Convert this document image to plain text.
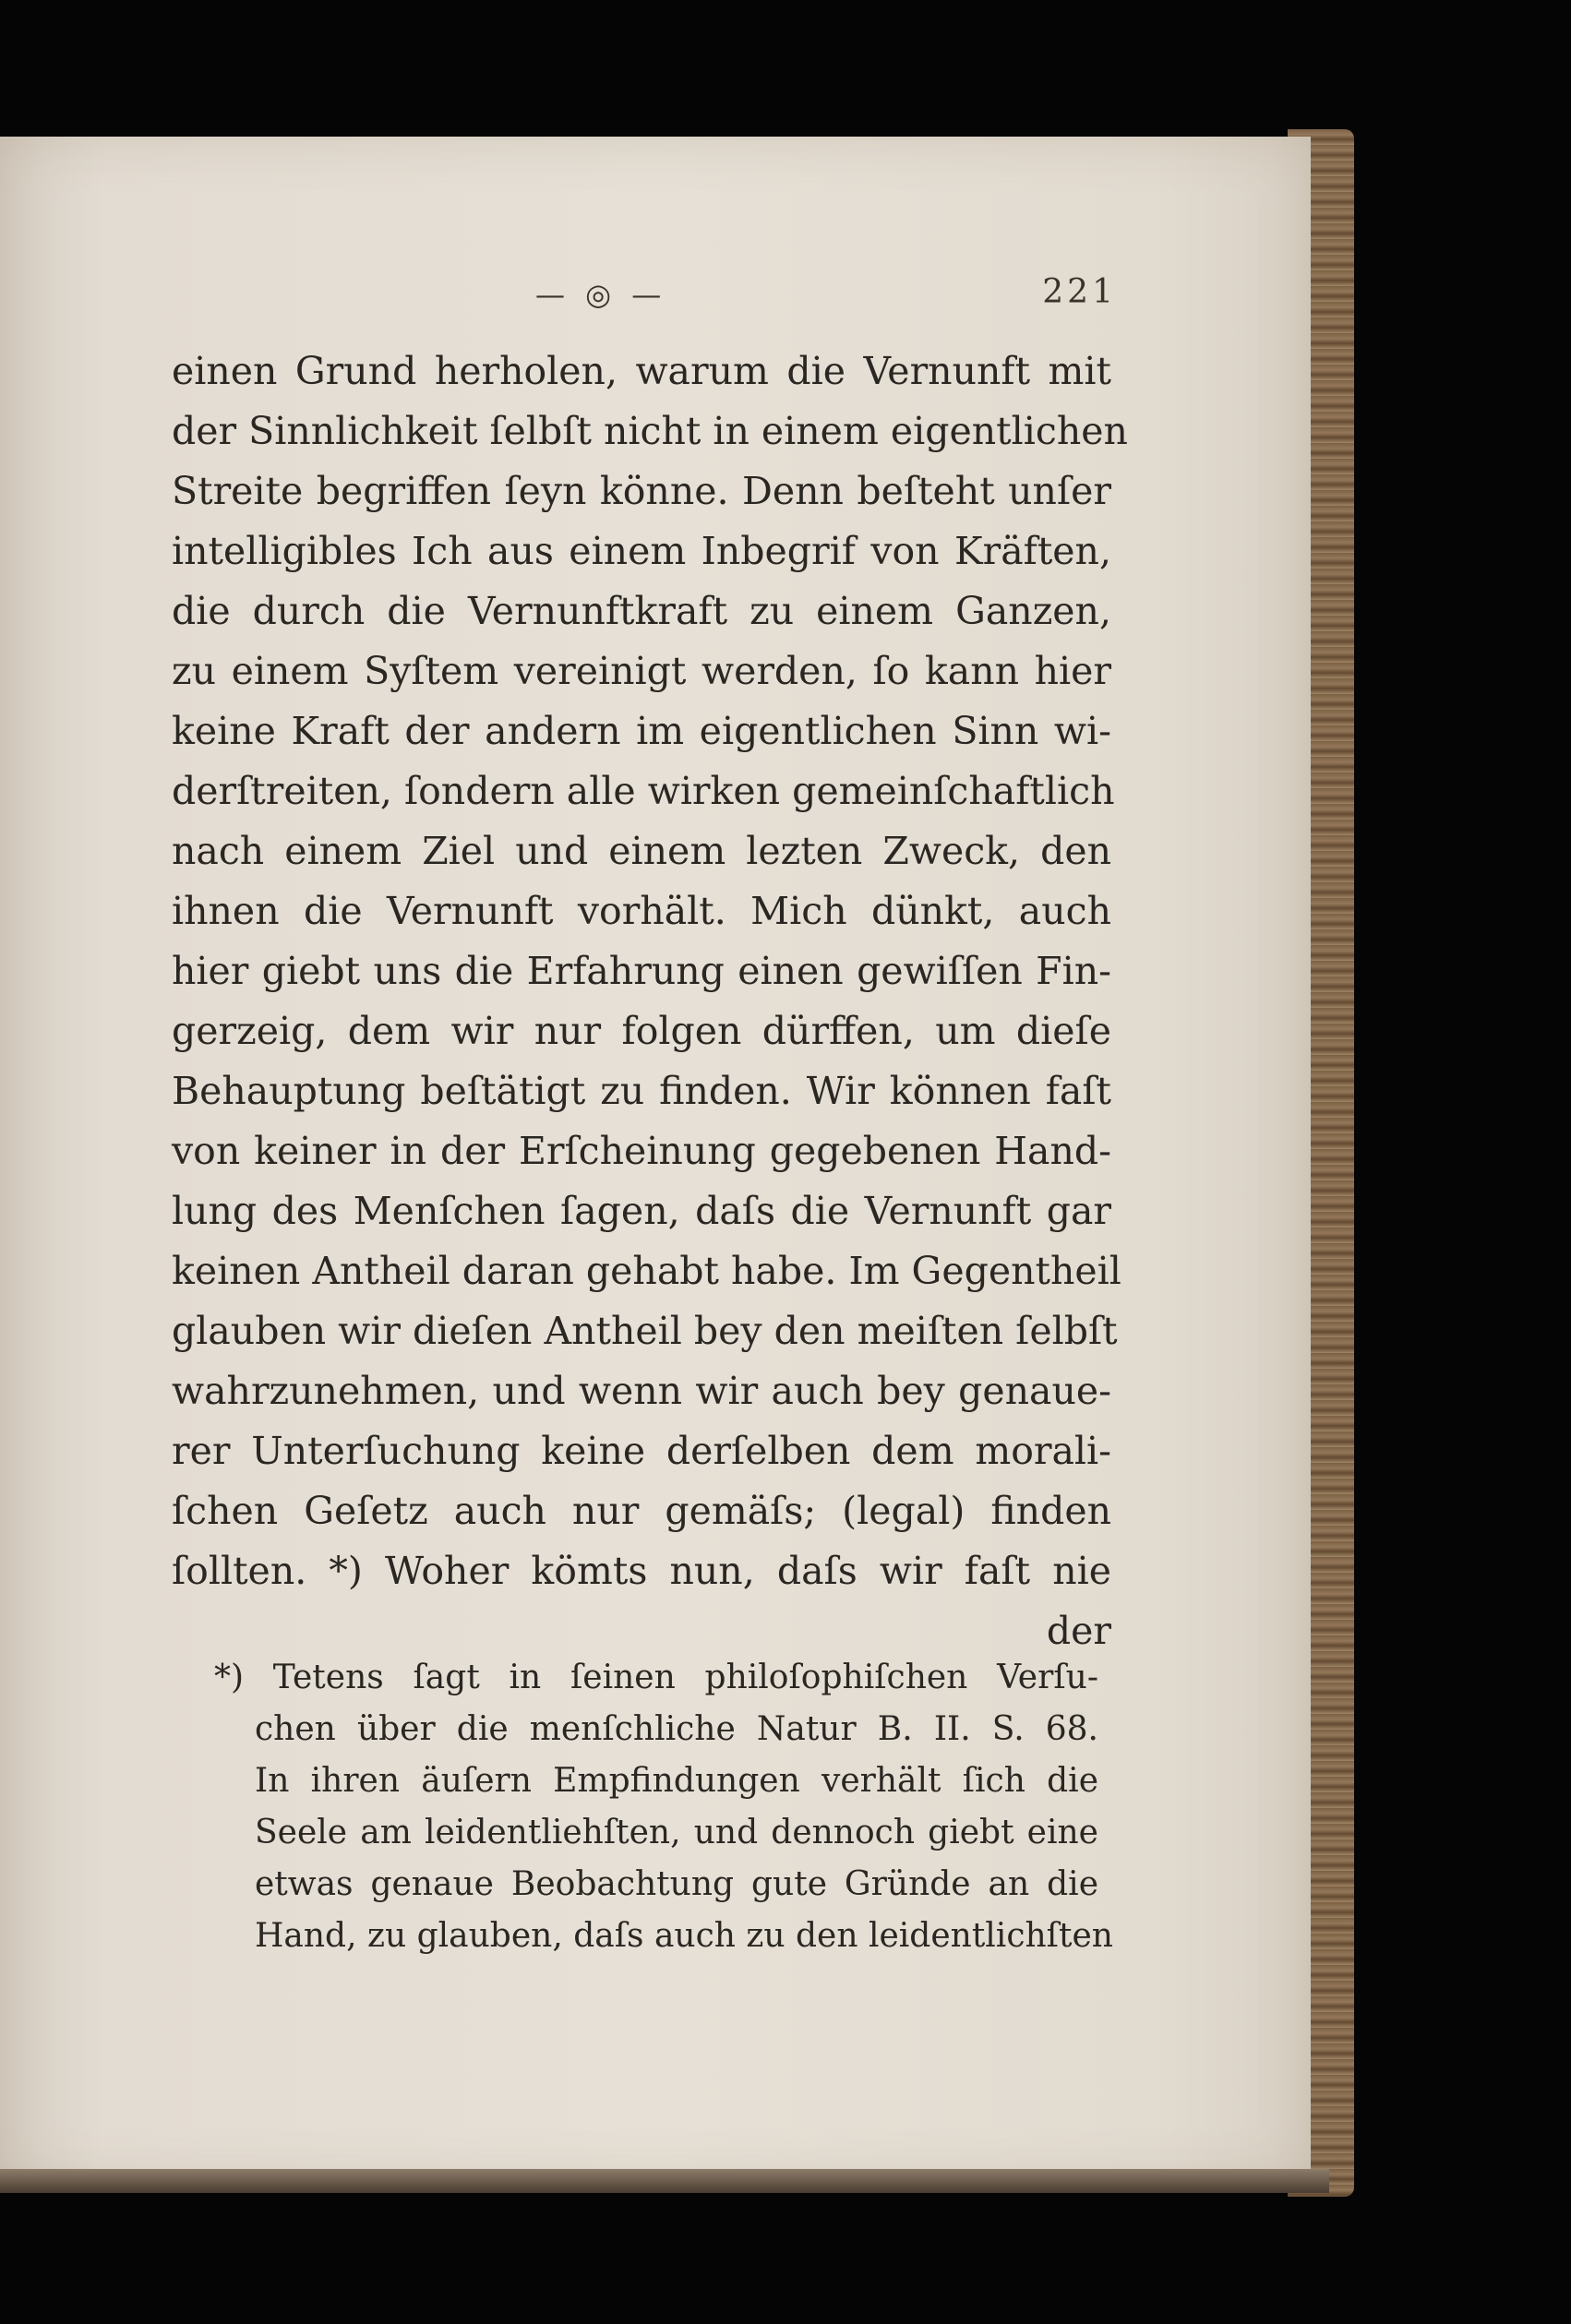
— ◎ —	221
einen Grund herholen, warum die Vernunft mit
der Sinnlichkeit ſelbſt nicht in einem eigentlichen
Streite begriffen ſeyn könne. Denn beſteht unſer
intelligibles Ich aus einem Inbegrif von Kräften,
die durch die Vernunftkraft zu einem Ganzen,
zu einem Syſtem vereinigt werden, ſo kann hier
keine Kraft der andern im eigentlichen Sinn wi-
derſtreiten, ſondern alle wirken gemeinſchaftlich
nach einem Ziel und einem lezten Zweck, den
ihnen die Vernunft vorhält. Mich dünkt, auch
hier giebt uns die Erfahrung einen gewiſſen Fin-
gerzeig, dem wir nur folgen dürffen, um dieſe
Behauptung beſtätigt zu finden. Wir können faſt
von keiner in der Erſcheinung gegebenen Hand-
lung des Menſchen ſagen, daſs die Vernunft gar
keinen Antheil daran gehabt habe. Im Gegentheil
glauben wir dieſen Antheil bey den meiſten ſelbſt
wahrzunehmen, und wenn wir auch bey genaue-
rer Unterſuchung keine derſelben dem morali-
ſchen Geſetz auch nur gemäſs; (legal) finden
ſollten. *) Woher kömts nun, daſs wir faſt nie
der
*) Tetens ſagt in ſeinen philoſophiſchen Verſu-
chen über die menſchliche Natur B. II. S. 68.
In ihren äuſern Empfindungen verhält ſich die
Seele am leidentliehſten, und dennoch giebt eine
etwas genaue Beobachtung gute Gründe an die
Hand, zu glauben, daſs auch zu den leidentlichſten
